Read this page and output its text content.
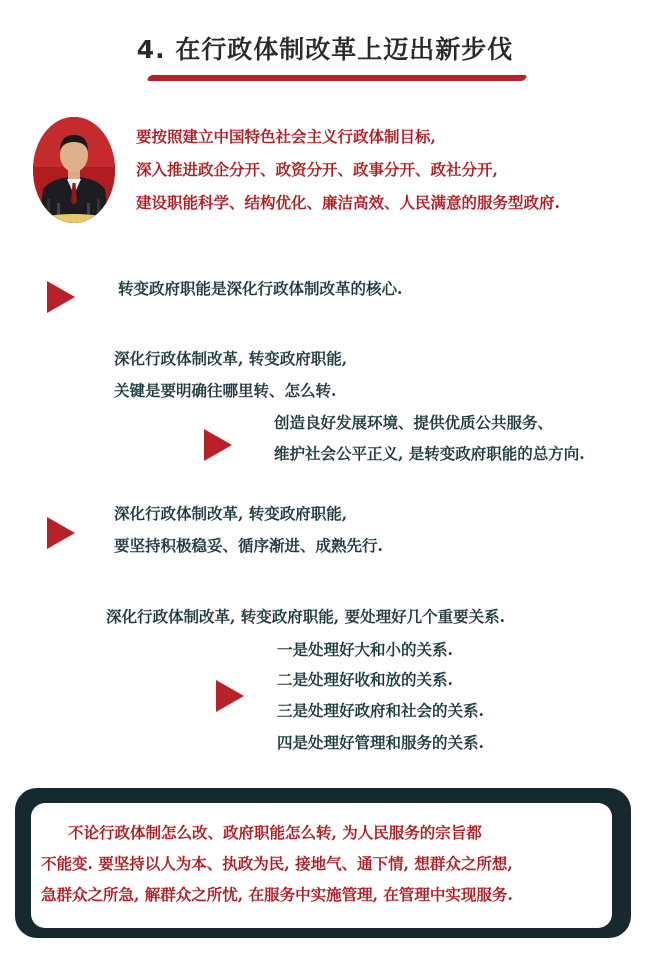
4. 在行政体制改革上迈出新步伐
要按照建立中国特色社会主义行政体制目标,
深入推进政企分开、政资分开、政事分开、政社分开,
建设职能科学、结构优化、廉洁高效、人民满意的服务型政府.
转变政府职能是深化行政体制改革的核心.
深化行政体制改革, 转变政府职能,
关键是要明确往哪里转、怎么转.
创造良好发展环境、提供优质公共服务、
维护社会公平正义, 是转变政府职能的总方向.
深化行政体制改革, 转变政府职能,
要坚持积极稳妥、循序渐进、成熟先行.
深化行政体制改革, 转变政府职能, 要处理好几个重要关系.
一是处理好大和小的关系.
二是处理好收和放的关系.
三是处理好政府和社会的关系.
四是处理好管理和服务的关系.
不论行政体制怎么改、政府职能怎么转, 为人民服务的宗旨都
不能变. 要坚持以人为本、执政为民, 接地气、通下情, 想群众之所想,
急群众之所急, 解群众之所忧, 在服务中实施管理, 在管理中实现服务.
